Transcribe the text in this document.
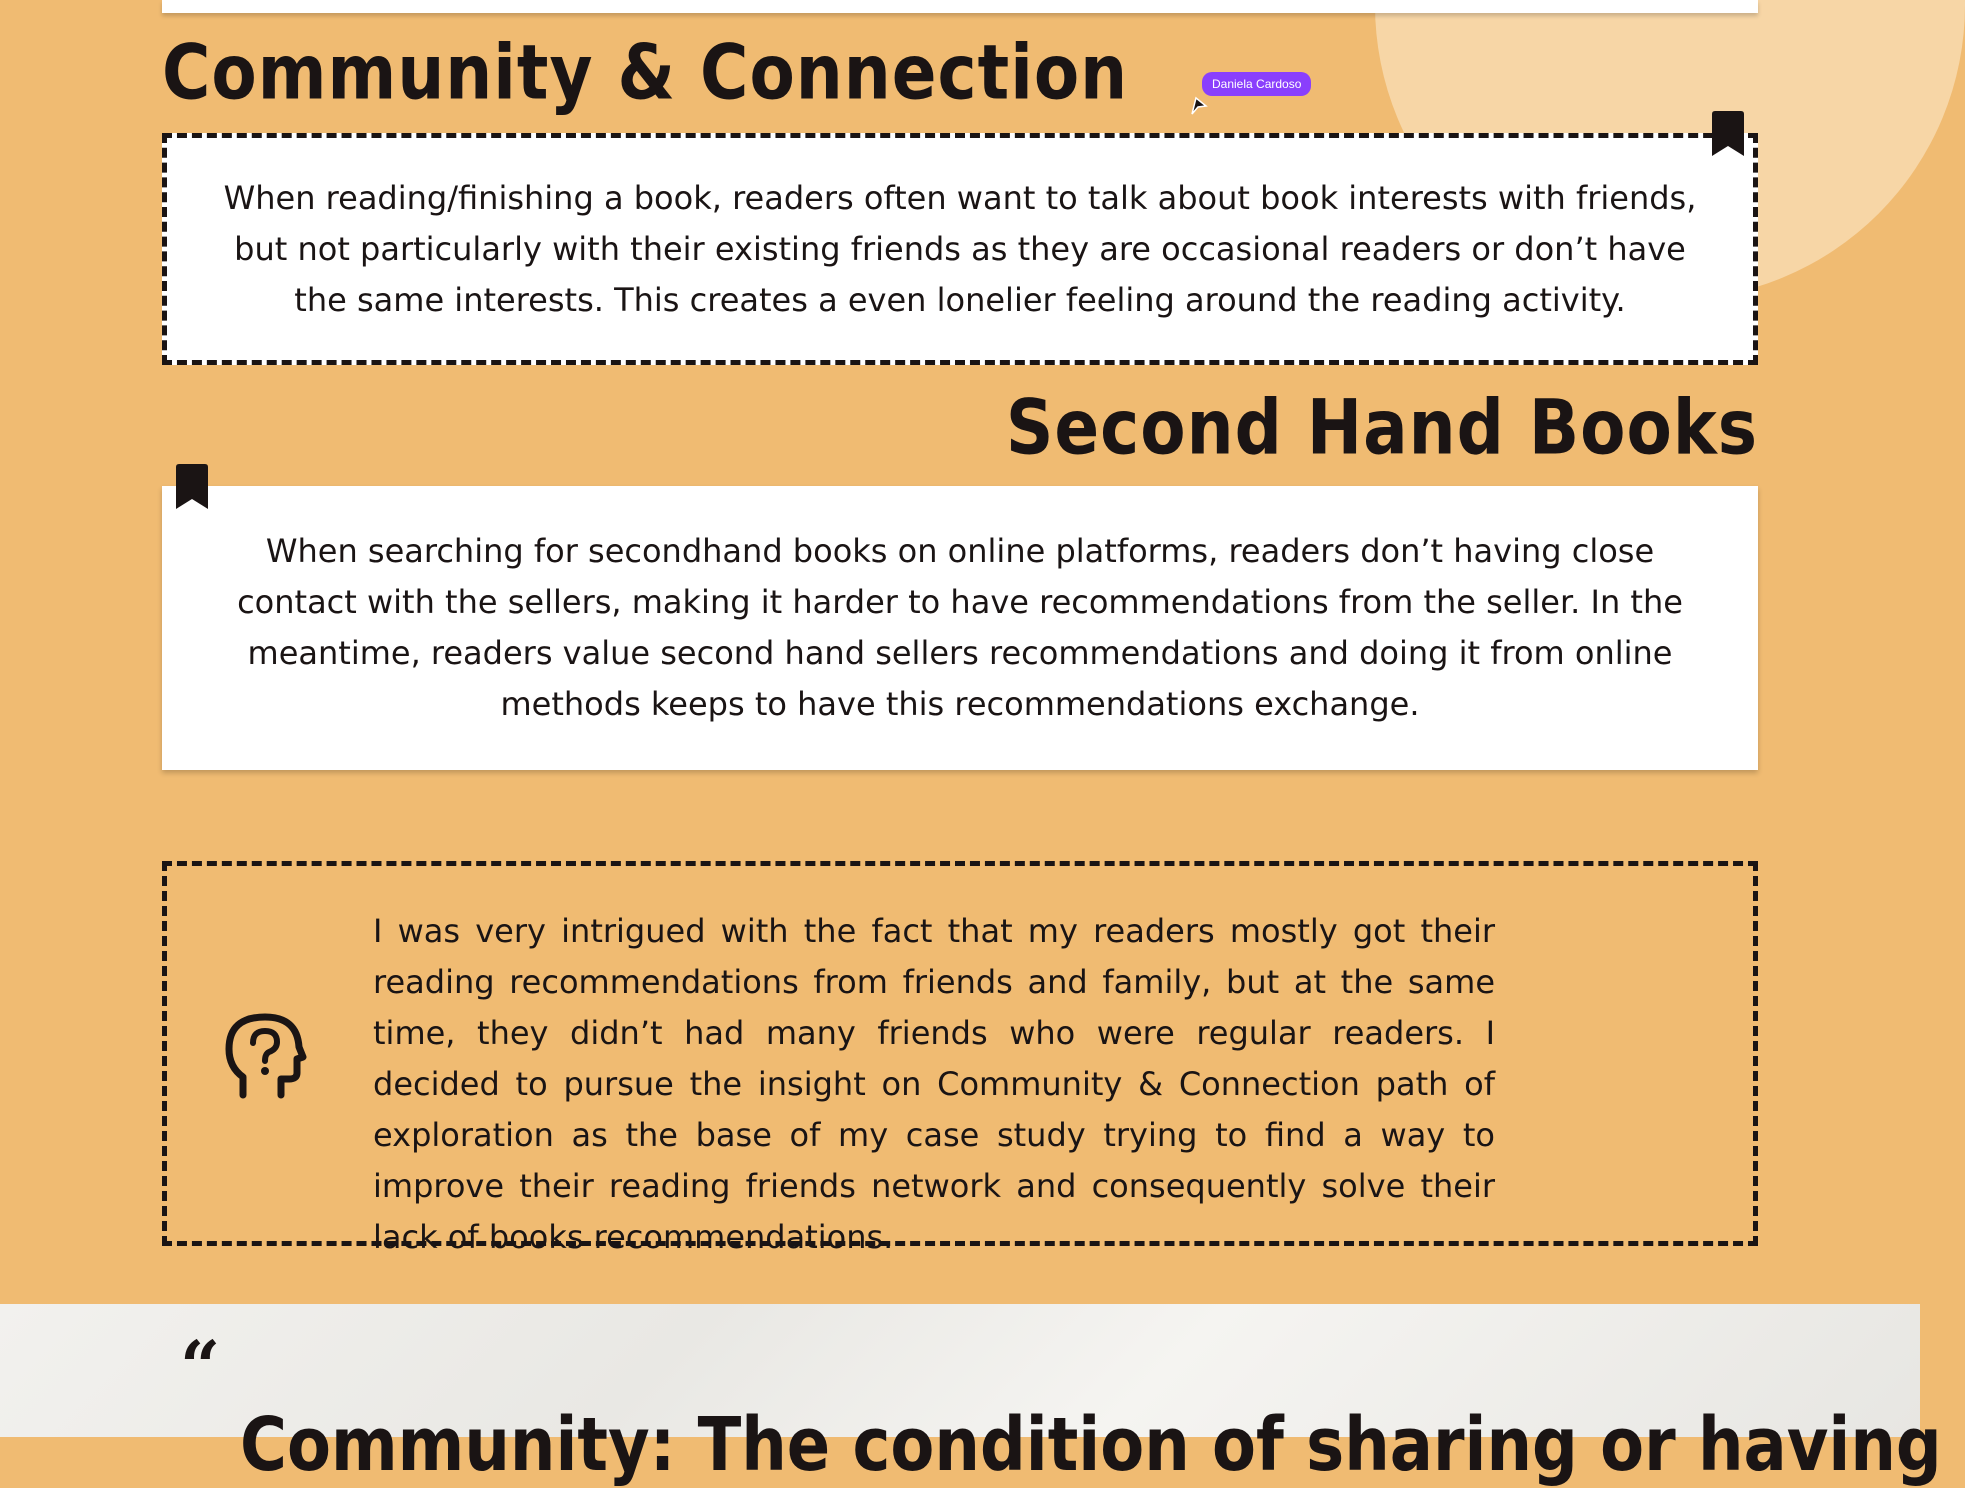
Community & Connection	Daniela Cardoso

When reading/finishing a book, readers often want to talk about book interests with friends, but not particularly with their existing friends as they are occasional readers or don’t have the same interests. This creates a even lonelier feeling around the reading activity.

Second Hand Books

When searching for secondhand books on online platforms, readers don’t having close contact with the sellers, making it harder to have recommendations from the seller. In the meantime, readers value second hand sellers recommendations and doing it from online methods keeps to have this recommendations exchange.

I was very intrigued with the fact that my readers mostly got their reading recommendations from friends and family, but at the same time, they didn’t had many friends who were regular readers. I decided to pursue the insight on Community & Connection path of exploration as the base of my case study trying to find a way to improve their reading friends network and consequently solve their lack of books recommendations.

“

Community: The condition of sharing or having
